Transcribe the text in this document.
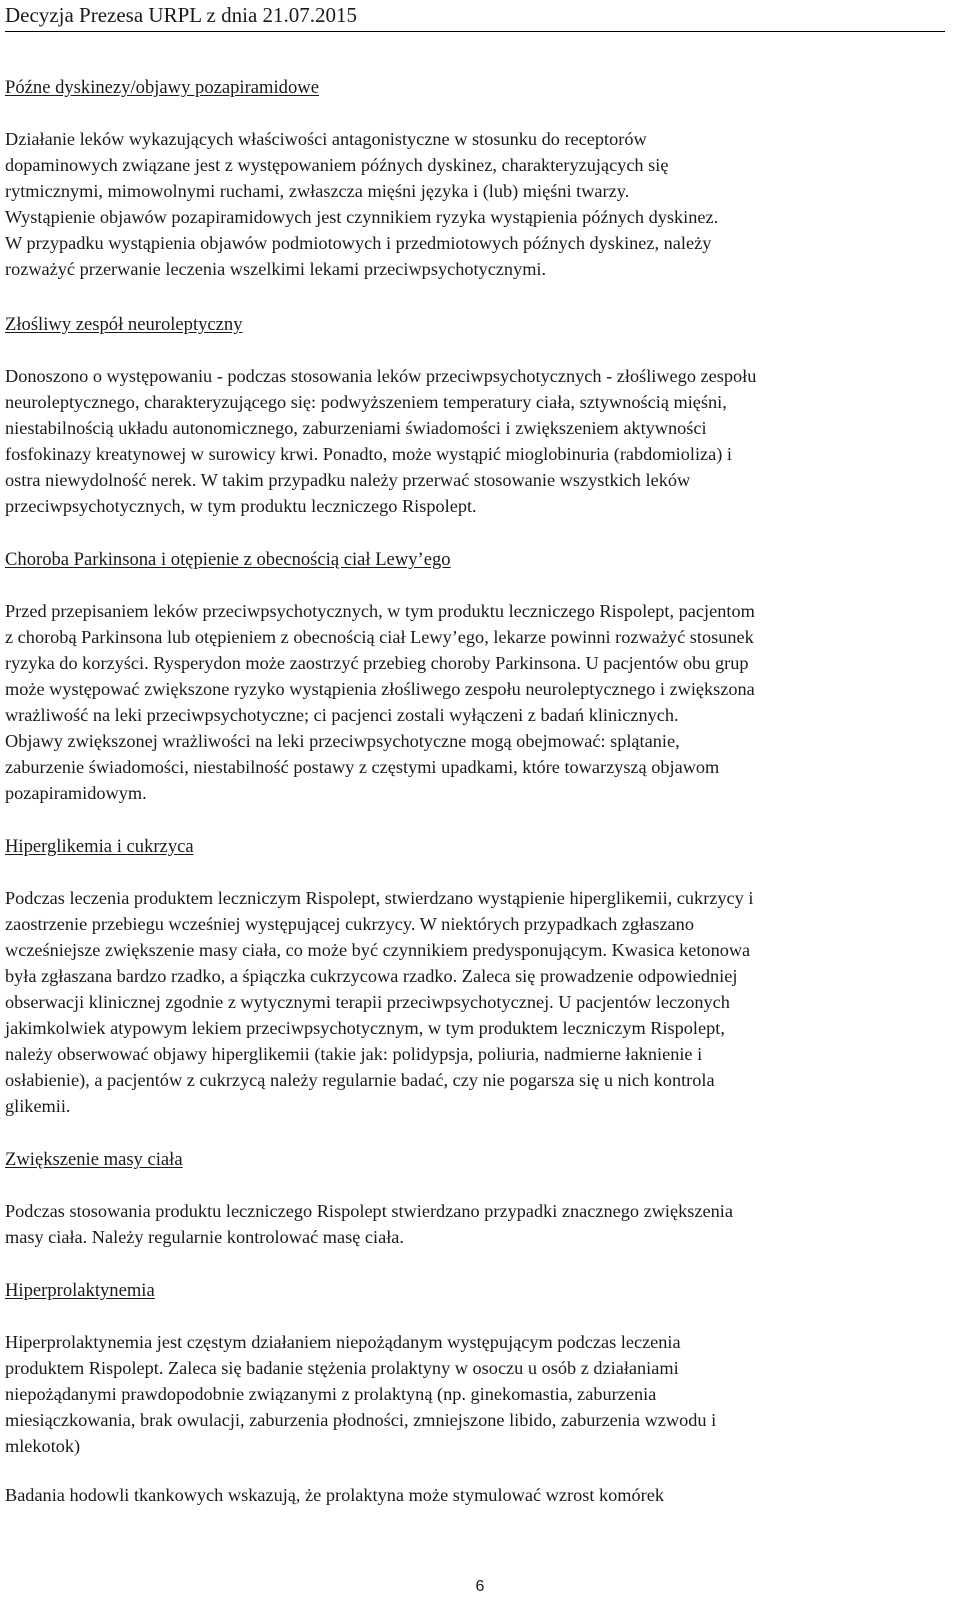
Decyzja Prezesa URPL z dnia 21.07.2015
Późne dyskinezy/objawy pozapiramidowe
Działanie leków wykazujących właściwości antagonistyczne w stosunku do receptorów
dopaminowych związane jest z występowaniem późnych dyskinez, charakteryzujących się
rytmicznymi, mimowolnymi ruchami, zwłaszcza mięśni języka i (lub) mięśni twarzy.
Wystąpienie objawów pozapiramidowych jest czynnikiem ryzyka wystąpienia późnych dyskinez.
W przypadku wystąpienia objawów podmiotowych i przedmiotowych późnych dyskinez, należy
rozważyć przerwanie leczenia wszelkimi lekami przeciwpsychotycznymi.
Złośliwy zespół neuroleptyczny
Donoszono o występowaniu - podczas stosowania leków przeciwpsychotycznych - złośliwego zespołu
neuroleptycznego, charakteryzującego się: podwyższeniem temperatury ciała, sztywnością mięśni,
niestabilnością układu autonomicznego, zaburzeniami świadomości i zwiększeniem aktywności
fosfokinazy kreatynowej w surowicy krwi. Ponadto, może wystąpić mioglobinuria (rabdomioliza) i
ostra niewydolność nerek. W takim przypadku należy przerwać stosowanie wszystkich leków
przeciwpsychotycznych, w tym produktu leczniczego Rispolept.
Choroba Parkinsona i otępienie z obecnością ciał Lewy’ego
Przed przepisaniem leków przeciwpsychotycznych, w tym produktu leczniczego Rispolept, pacjentom
z chorobą Parkinsona lub otępieniem z obecnością ciał Lewy’ego, lekarze powinni rozważyć stosunek
ryzyka do korzyści. Rysperydon może zaostrzyć przebieg choroby Parkinsona. U pacjentów obu grup
może występować zwiększone ryzyko wystąpienia złośliwego zespołu neuroleptycznego i zwiększona
wrażliwość na leki przeciwpsychotyczne; ci pacjenci zostali wyłączeni z badań klinicznych.
Objawy zwiększonej wrażliwości na leki przeciwpsychotyczne mogą obejmować: splątanie,
zaburzenie świadomości, niestabilność postawy z częstymi upadkami, które towarzyszą objawom
pozapiramidowym.
Hiperglikemia i cukrzyca
Podczas leczenia produktem leczniczym Rispolept, stwierdzano wystąpienie hiperglikemii, cukrzycy i
zaostrzenie przebiegu wcześniej występującej cukrzycy. W niektórych przypadkach zgłaszano
wcześniejsze zwiększenie masy ciała, co może być czynnikiem predysponującym. Kwasica ketonowa
była zgłaszana bardzo rzadko, a śpiączka cukrzycowa rzadko. Zaleca się prowadzenie odpowiedniej
obserwacji klinicznej zgodnie z wytycznymi terapii przeciwpsychotycznej. U pacjentów leczonych
jakimkolwiek atypowym lekiem przeciwpsychotycznym, w tym produktem leczniczym Rispolept,
należy obserwować objawy hiperglikemii (takie jak: polidypsja, poliuria, nadmierne łaknienie i
osłabienie), a pacjentów z cukrzycą należy regularnie badać, czy nie pogarsza się u nich kontrola
glikemii.
Zwiększenie masy ciała
Podczas stosowania produktu leczniczego Rispolept stwierdzano przypadki znacznego zwiększenia
masy ciała. Należy regularnie kontrolować masę ciała.
Hiperprolaktynemia
Hiperprolaktynemia jest częstym działaniem niepożądanym występującym podczas leczenia
produktem Rispolept. Zaleca się badanie stężenia prolaktyny w osoczu u osób z działaniami
niepożądanymi prawdopodobnie związanymi z prolaktyną (np. ginekomastia, zaburzenia
miesiączkowania, brak owulacji, zaburzenia płodności, zmniejszone libido, zaburzenia wzwodu i
mlekotok)
Badania hodowli tkankowych wskazują, że prolaktyna może stymulować wzrost komórek
6
